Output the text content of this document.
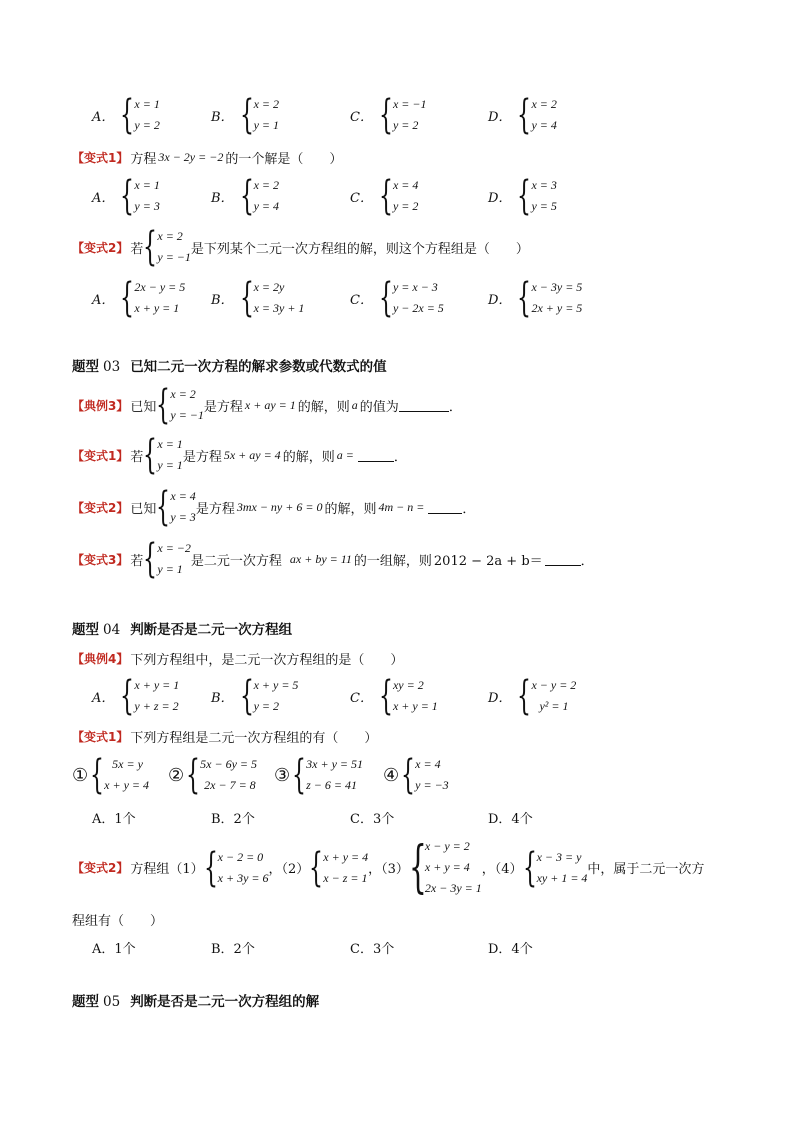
A． { x = 1
y = 2
B． { x = 2
y = 1
C． { x = −1
y = 2
D． { x = 2
y = 4
【变式1】 方程 3x − 2y = −2 的一个解是（　　）
A． { x = 1
y = 3
B． { x = 2
y = 4
C． { x = 4
y = 2
D． { x = 3
y = 5
【变式2】 若 { x = 2
y = −1
是下列某个二元一次方程组的解，则这个方程组是（　　）
A． { 2x − y = 5
x + y = 1
B． { x = 2y
x = 3y + 1
C． { y = x − 3
y − 2x = 5
D． { x − 3y = 5
2x + y = 5
题型 03 已知二元一次方程的解求参数或代数式的值
【典例3】 已知 { x = 2
y = −1
是方程 x + ay = 1 的解，则 a 的值为	．
【变式1】 若 { x = 1
y = 1
是方程 5x + ay = 4 的解，则 a =	．
【变式2】 已知 { x = 4
y = 3
是方程 3mx − ny + 6 = 0 的解，则 4m − n =	．
【变式3】 若 { x = −2
y = 1
是二元一次方程 ax + by = 11 的一组解，则 2012 − 2a + b＝	．
题型 04 判断是否是二元一次方程组
【典例4】 下列方程组中，是二元一次方程组的是（　　）
A． { x + y = 1
y + z = 2
B． { x + y = 5
y = 2
C． { xy = 2
x + y = 1
D． { x − y = 2
y² = 1
【变式1】 下列方程组是二元一次方程组的有（　　）
① { 5x = y
x + y = 4 ② { 5x − 6y = 5
2x − 7 = 8 ③ { 3x + y = 51
z − 6 = 41	④ { x = 4
y = −3
A．1个	B．2个	C．3个	D．4个
【变式2】 方程组（1） { x − 2 = 0
x + 3y = 6
，（2） { x + y = 4
x − z = 1
，（3） {
x − y = 2
x + y = 4
2x − 3y = 1
，（4） { x − 3 = y
xy + 1 = 4
中，属于二元一次方
程组有（　　）
A．1个	B．2个	C．3个	D．4个
题型 05 判断是否是二元一次方程组的解
